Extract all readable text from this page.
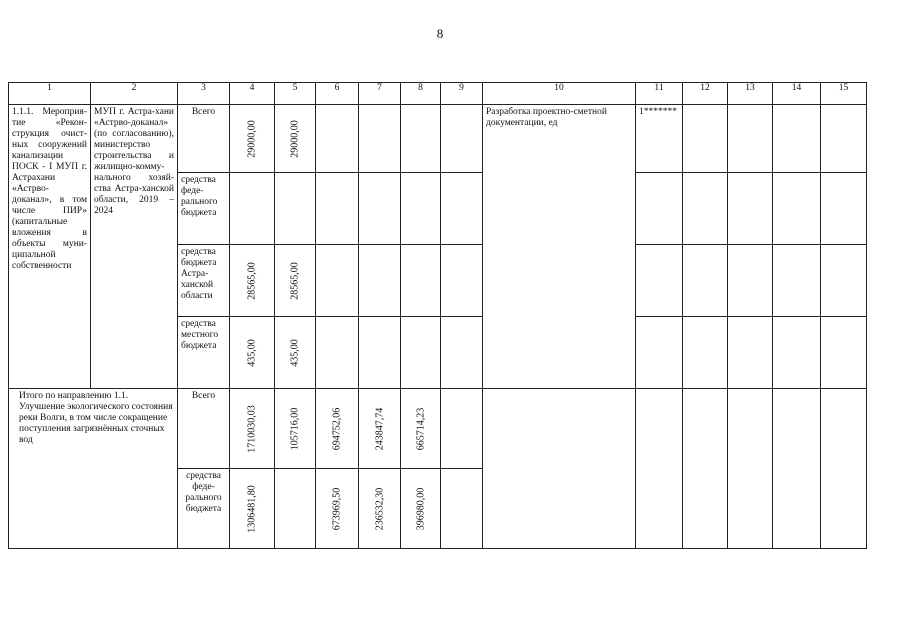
8
1	2	3	4	5	6	7	8	9	10	11	12	13	14	15

1.1.1. Мероприя-тие «Рекон-струкция очист-ных сооружений канализации ПОСК - I МУП г. Астрахани «Астрво-доканал», в том числе ПИР» (капитальные вложения в объекты муни-ципальной собственности	МУП г. Астра-хани «Астрво-доканал» (по согласованию), министерство строительства и жилищно-комму-нального хозяй-ства Астра-ханской области, 2019 – 2024	Всего	29000,00	29000,00					Разработка проектно-сметной документации, ед	1*******				

		средства феде-рального бюджета												

		средства бюджета Астра-ханской области	28565,00	28565,00										

		средства местного бюджета	435,00	435,00										

Итого по направлению 1.1. Улучшение экологического состояния реки Волги, в том числе сокращение поступления загрязнённых сточных вод		Всего	1710030,03	105716,00	694752,06	243847,74	665714,23							

		средства феде-рального бюджета	1306481,80		673969,50	236532,30	396980,00							
